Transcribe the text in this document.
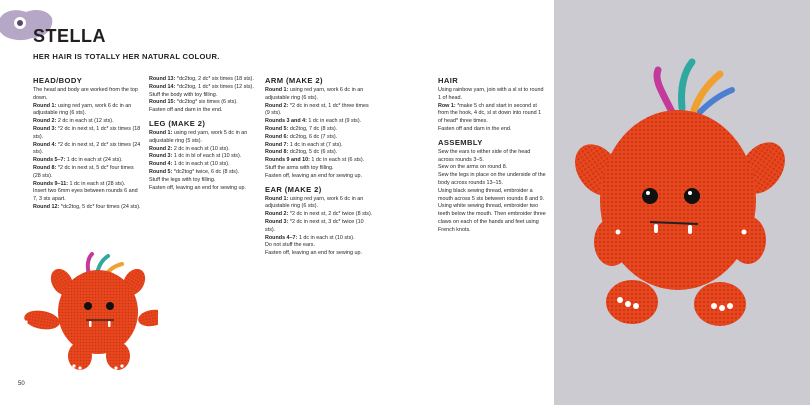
STELLA
HER HAIR IS TOTALLY HER NATURAL COLOUR.
HEAD/BODY

The head and body are worked from the top down.

Round 1: using red yarn, work 6 dc in an adjustable ring (6 sts).

Round 2: 2 dc in each st (12 sts).

Round 3: *2 dc in next st, 1 dc* six times (18 sts).

Round 4: *2 dc in next st, 2 dc* six times (24 sts).

Rounds 5–7: 1 dc in each st (24 sts).

Round 8: *2 dc in next st, 5 dc* four times (28 sts).

Rounds 9–11: 1 dc in each st (28 sts).

Insert two 6mm eyes between rounds 6 and 7, 3 sts apart.

Round 12: *dc2tog, 5 dc* four times (24 sts).

Round 13: *dc2tog, 2 dc* six times (18 sts).

Round 14: *dc2tog, 1 dc* six times (12 sts).

Stuff the body with toy filling.

Round 15: *dc2tog* six times (6 sts).

Fasten off and darn in the end.

LEG (MAKE 2)

Round 1: using red yarn, work 5 dc in an adjustable ring (5 sts).

Round 2: 2 dc in each st (10 sts).

Round 3: 1 dc in bl of each st (10 sts).

Round 4: 1 dc in each st (10 sts).

Round 5: *dc2tog* twice, 6 dc (8 sts).

Stuff the legs with toy filling.

Fasten off, leaving an end for sewing up.

ARM (MAKE 2)

Round 1: using red yarn, work 6 dc in an adjustable ring (6 sts).

Round 2: *2 dc in next st, 1 dc* three times (9 sts).

Rounds 3 and 4: 1 dc in each st (9 sts).

Round 5: dc2tog, 7 dc (8 sts).

Round 6: dc2tog, 6 dc (7 sts).

Round 7: 1 dc in each st (7 sts).

Round 8: dc2tog, 5 dc (6 sts).

Rounds 9 and 10: 1 dc in each st (6 sts).

Stuff the arms with toy filling.

Fasten off, leaving an end for sewing up.

EAR (MAKE 2)

Round 1: using red yarn, work 6 dc in an adjustable ring (6 sts).

Round 2: *2 dc in next st, 2 dc* twice (8 sts).

Round 3: *2 dc in next st, 3 dc* twice (10 sts).

Rounds 4–7: 1 dc in each st (10 sts).

Do not stuff the ears.

Fasten off, leaving an end for sewing up.

HAIR

Using rainbow yarn, join with a sl st to round 1 of head.

Row 1: *make 5 ch and start in second st from the hook, 4 dc, sl st down into round 1 of head* three times.

Fasten off and darn in the end.

ASSEMBLY

Sew the ears to either side of the head across rounds 3–5.

Sew on the arms on round 8.

Sew the legs in place on the underside of the body across rounds 13–15.

Using black sewing thread, embroider a mouth across 5 sts between rounds 8 and 9.

Using white sewing thread, embroider two teeth below the mouth. Then embroider three claws on each of the hands and feet using French knots.

50
